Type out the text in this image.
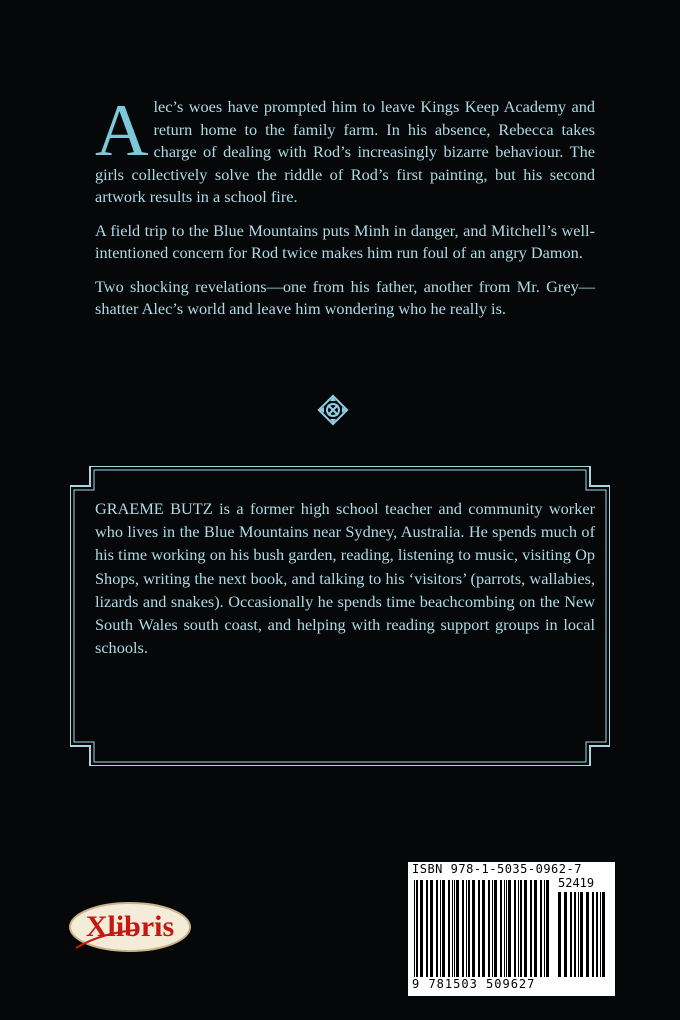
Alec’s woes have prompted him to leave Kings Keep Academy and return home to the family farm. In his absence, Rebecca takes charge of dealing with Rod’s increasingly bizarre behaviour. The girls collectively solve the riddle of Rod’s first painting, but his second artwork results in a school fire.

A field trip to the Blue Mountains puts Minh in danger, and Mitchell’s well-intentioned concern for Rod twice makes him run foul of an angry Damon.

Two shocking revelations—one from his father, another from Mr. Grey—shatter Alec’s world and leave him wondering who he really is.

GRAEME BUTZ is a former high school teacher and community worker who lives in the Blue Mountains near Sydney, Australia. He spends much of his time working on his bush garden, reading, listening to music, visiting Op Shops, writing the next book, and talking to his ‘visitors’ (parrots, wallabies, lizards and snakes). Occasionally he spends time beachcombing on the New South Wales south coast, and helping with reading support groups in local schools.

ISBN 978-1-5035-0962-7
52419
9 781503 509627
Xlibris
